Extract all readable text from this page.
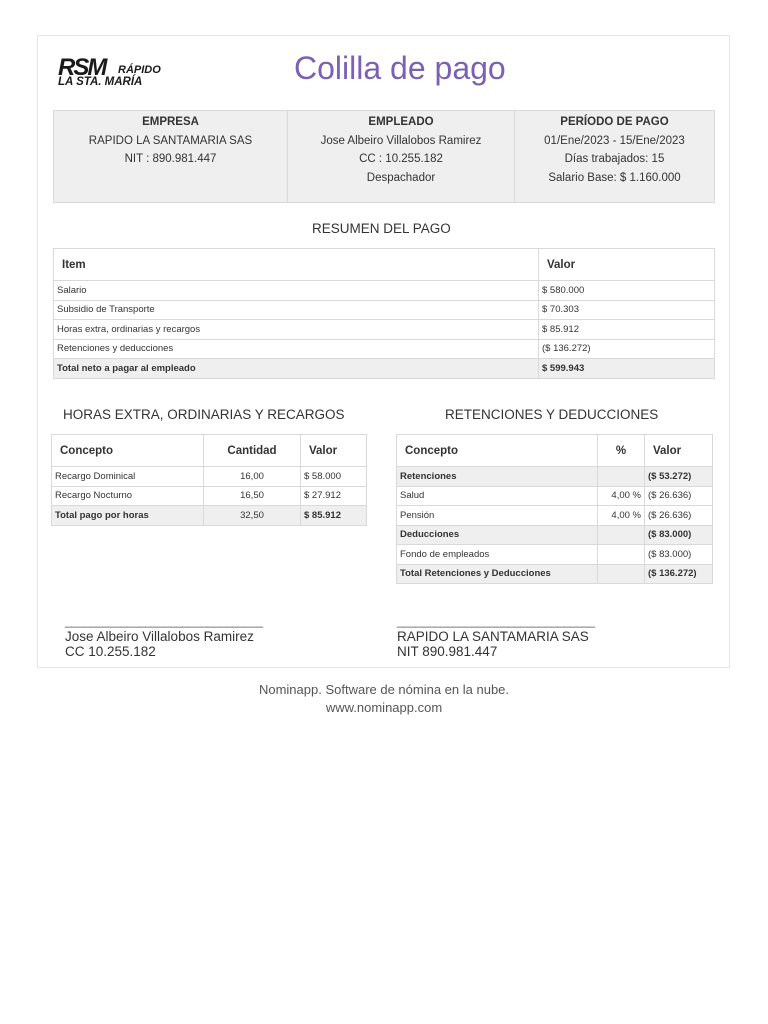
RSM RÁPIDO
LA STA. MARÍA	Colilla de pago
EMPRESA
RAPIDO LA SANTAMARIA SAS
NIT : 890.981.447
EMPLEADO
Jose Albeiro Villalobos Ramirez
CC : 10.255.182
Despachador
PERÍODO DE PAGO
01/Ene/2023 - 15/Ene/2023
Días trabajados: 15
Salario Base: $ 1.160.000
RESUMEN DEL PAGO
Item	Valor
Salario	$ 580.000
Subsidio de Transporte	$ 70.303
Horas extra, ordinarias y recargos	$ 85.912
Retenciones y deducciones	($ 136.272)
Total neto a pagar al empleado	$ 599.943
HORAS EXTRA, ORDINARIAS Y RECARGOS
Concepto	Cantidad	Valor
Recargo Dominical	16,00	$ 58.000
Recargo Nocturno	16,50	$ 27.912
Total pago por horas	32,50	$ 85.912
RETENCIONES Y DEDUCCIONES
Concepto	%	Valor
Retenciones		($ 53.272)
Salud	4,00 %	($ 26.636)
Pensión	4,00 %	($ 26.636)
Deducciones		($ 83.000)
Fondo de empleados		($ 83.000)
Total Retenciones y Deducciones		($ 136.272)
________________________________
Jose Albeiro Villalobos Ramirez
CC 10.255.182
________________________________
RAPIDO LA SANTAMARIA SAS
NIT 890.981.447
Nominapp. Software de nómina en la nube.
www.nominapp.com
